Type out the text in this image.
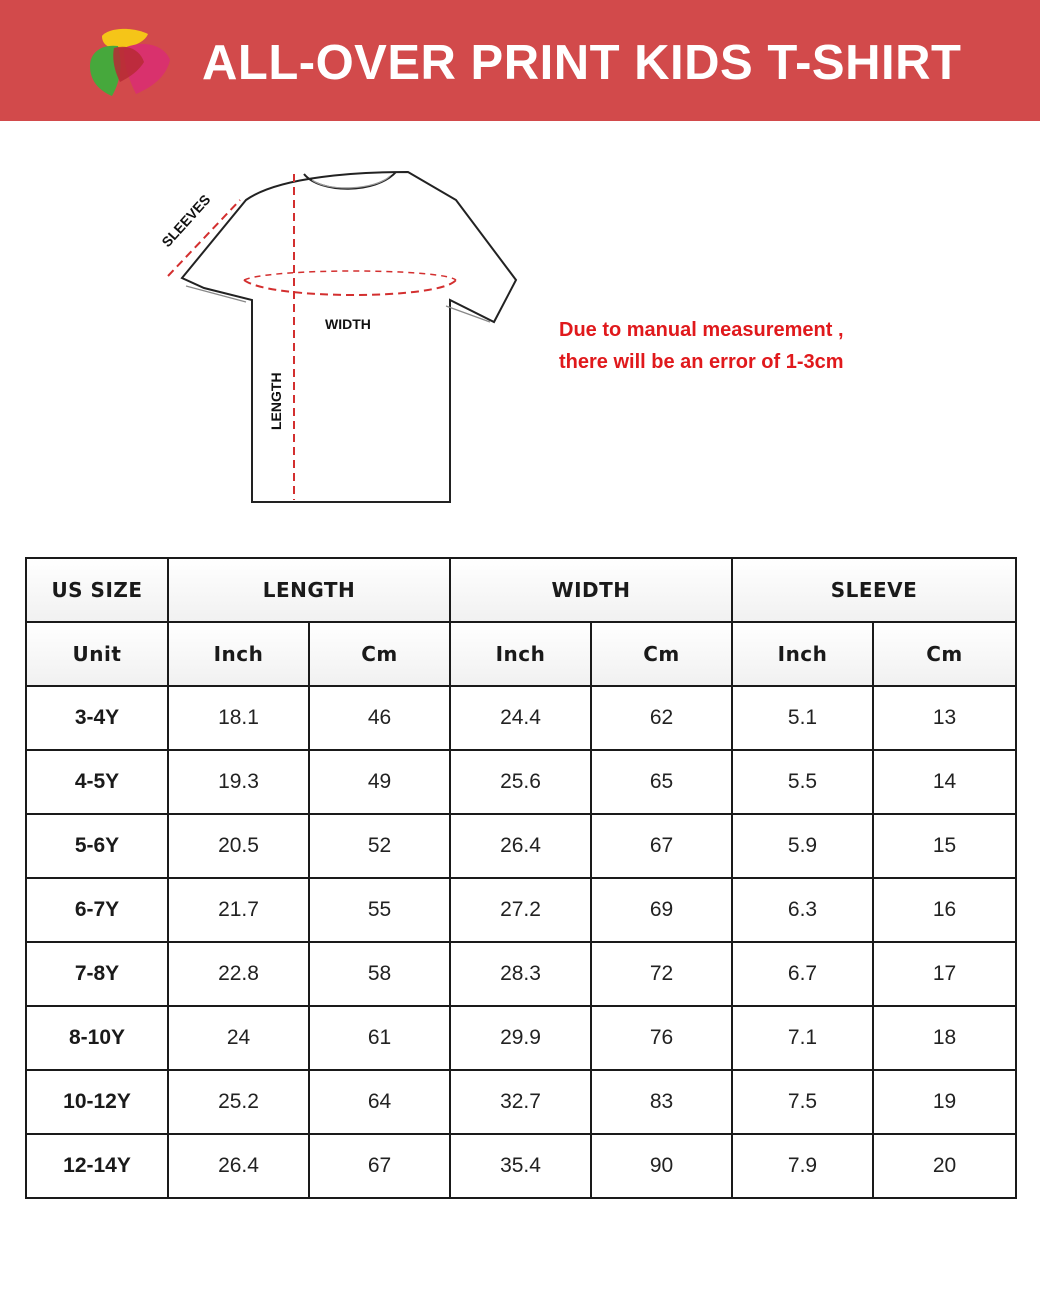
ALL-OVER PRINT KIDS T-SHIRT
SLEEVES
WIDTH
LENGTH
Due to manual measurement ,
there will be an error of 1-3cm
US SIZE	LENGTH		WIDTH		SLEEVE	
Unit	Inch	Cm	Inch	Cm	Inch	Cm
3-4Y	18.1	46	24.4	62	5.1	13
4-5Y	19.3	49	25.6	65	5.5	14
5-6Y	20.5	52	26.4	67	5.9	15
6-7Y	21.7	55	27.2	69	6.3	16
7-8Y	22.8	58	28.3	72	6.7	17
8-10Y	24	61	29.9	76	7.1	18
10-12Y	25.2	64	32.7	83	7.5	19
12-14Y	26.4	67	35.4	90	7.9	20
